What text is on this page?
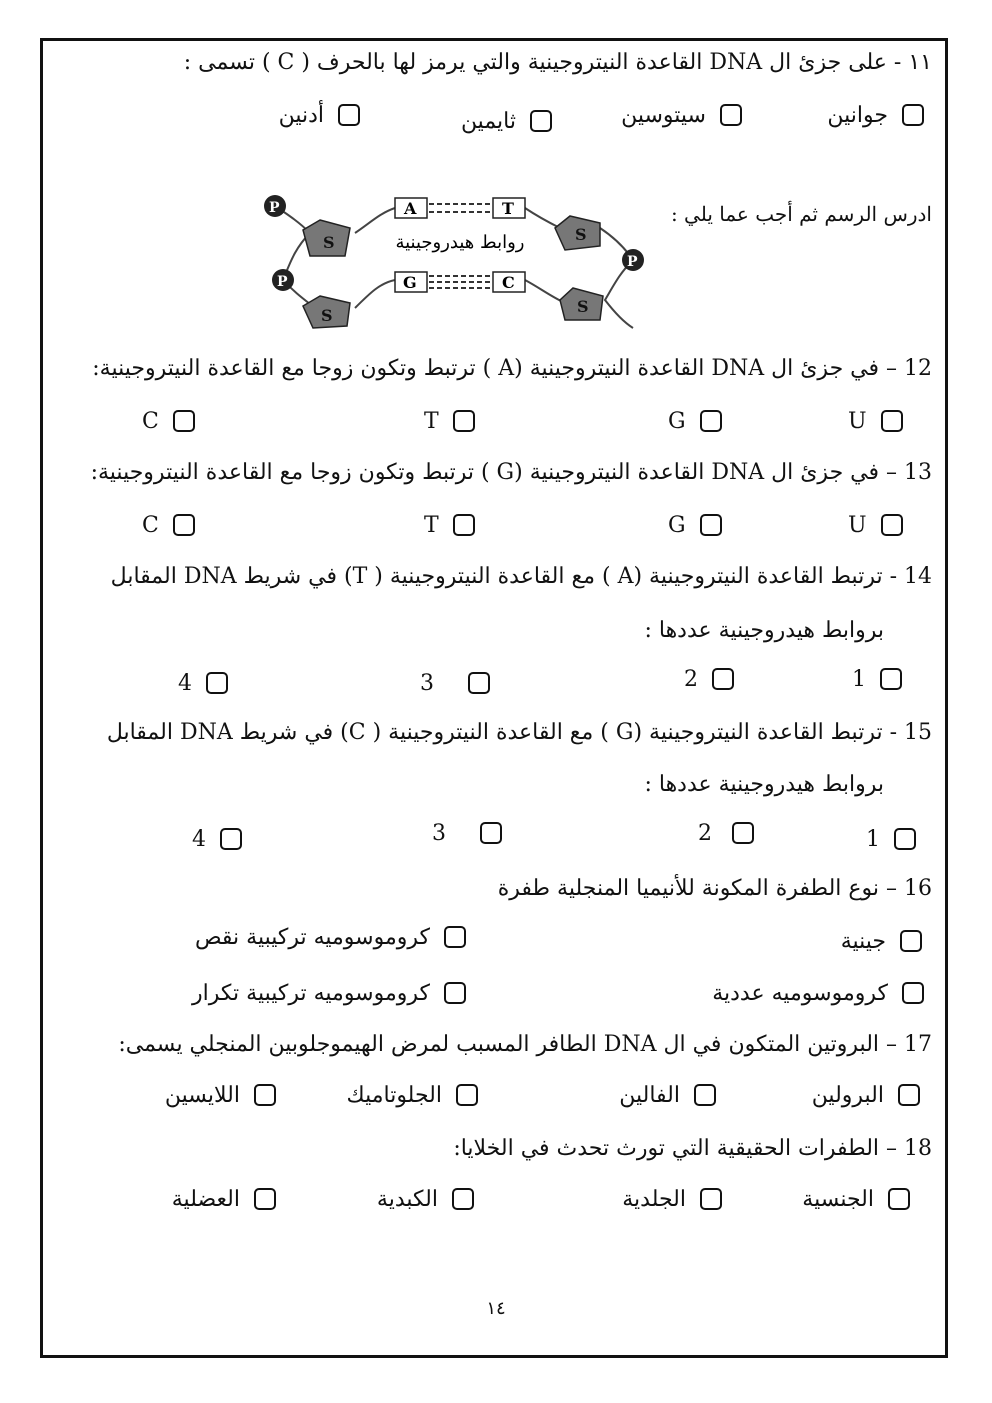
١١ - على جزئ ال DNA القاعدة النيتروجينية والتي يرمز لها بالحرف ( C ) تسمى :
جوانين
سيتوسين
ثايمين
أدنين
ادرس الرسم ثم أجب عما يلي :
S
S
S
S
P
P
P
A	T
روابط هيدروجينية
G	C
12 – في جزئ ال DNA القاعدة النيتروجينية (A ) ترتبط وتكون زوجا مع القاعدة النيتروجينية:
U
G
T
C
13 – في جزئ ال DNA القاعدة النيتروجينية (G ) ترتبط وتكون زوجا مع القاعدة النيتروجينية:
U
G
T
C
14 - ترتبط القاعدة النيتروجينية (A ) مع القاعدة النيتروجينية ( T) في شريط DNA المقابل
بروابط هيدروجينية عددها :
1
2
3
4
15 - ترتبط القاعدة النيتروجينية (G ) مع القاعدة النيتروجينية ( C) في شريط DNA المقابل
بروابط هيدروجينية عددها :
1
2
3
4
16 – نوع الطفرة المكونة للأنيميا المنجلية طفرة
جينية
كروموسوميه تركيبية نقص
كروموسوميه عددية
كروموسوميه تركيبية تكرار
17 – البروتين المتكون في ال DNA الطافر المسبب لمرض الهيموجلوبين المنجلي يسمى:
البرولين
الفالين
الجلوتاميك
اللايسين
18 – الطفرات الحقيقية التي تورث تحدث في الخلايا:
الجنسية
الجلدية
الكبدية
العضلية
١٤
